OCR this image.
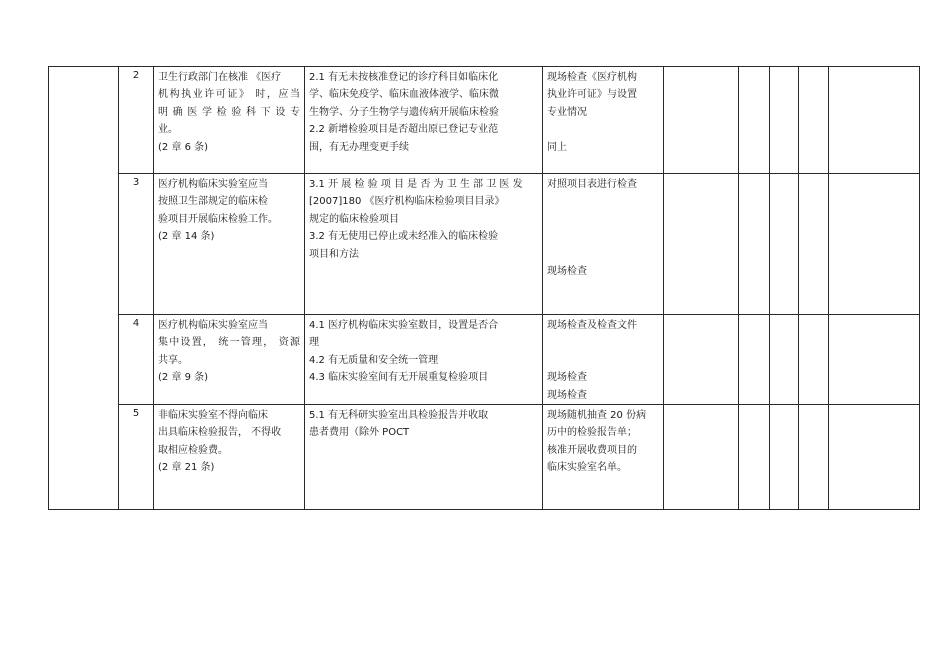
	2	卫生行政部门在核准 《医疗
机构执业许可证》 时，应当
明 确 医 学 检 验 科 下 设 专
业。
(2 章 6 条)	2.1 有无未按核准登记的诊疗科目如临床化
学、临床免疫学、临床血液体液学、临床微
生物学、分子生物学与遗传病开展临床检验
2.2 新增检验项目是否超出原已登记专业范
围，有无办理变更手续	现场检查《医疗机构
执业许可证》与设置
专业情况
同上					

	3	医疗机构临床实验室应当
按照卫生部规定的临床检
验项目开展临床检验工作。
(2 章 14 条)	3.1 开 展 检 验 项 目 是 否 为 卫 生 部 卫 医 发
[2007]180 《医疗机构临床检验项目目录》
规定的临床检验项目
3.2 有无使用已停止或未经准入的临床检验
项目和方法	对照项目表进行检查
现场检查					

	4	医疗机构临床实验室应当
集中设置， 统一管理， 资源
共享。
(2 章 9 条)	4.1 医疗机构临床实验室数目，设置是否合
理
4.2 有无质量和安全统一管理
4.3 临床实验室间有无开展重复检验项目	现场检查及检查文件
现场检查
现场检查					

	5	非临床实验室不得向临床
出具临床检验报告， 不得收
取相应检验费。
(2 章 21 条)	5.1 有无科研实验室出具检验报告并收取
患者费用（除外 POCT	现场随机抽查 20 份病
历中的检验报告单；
核准开展收费项目的
临床实验室名单。					
